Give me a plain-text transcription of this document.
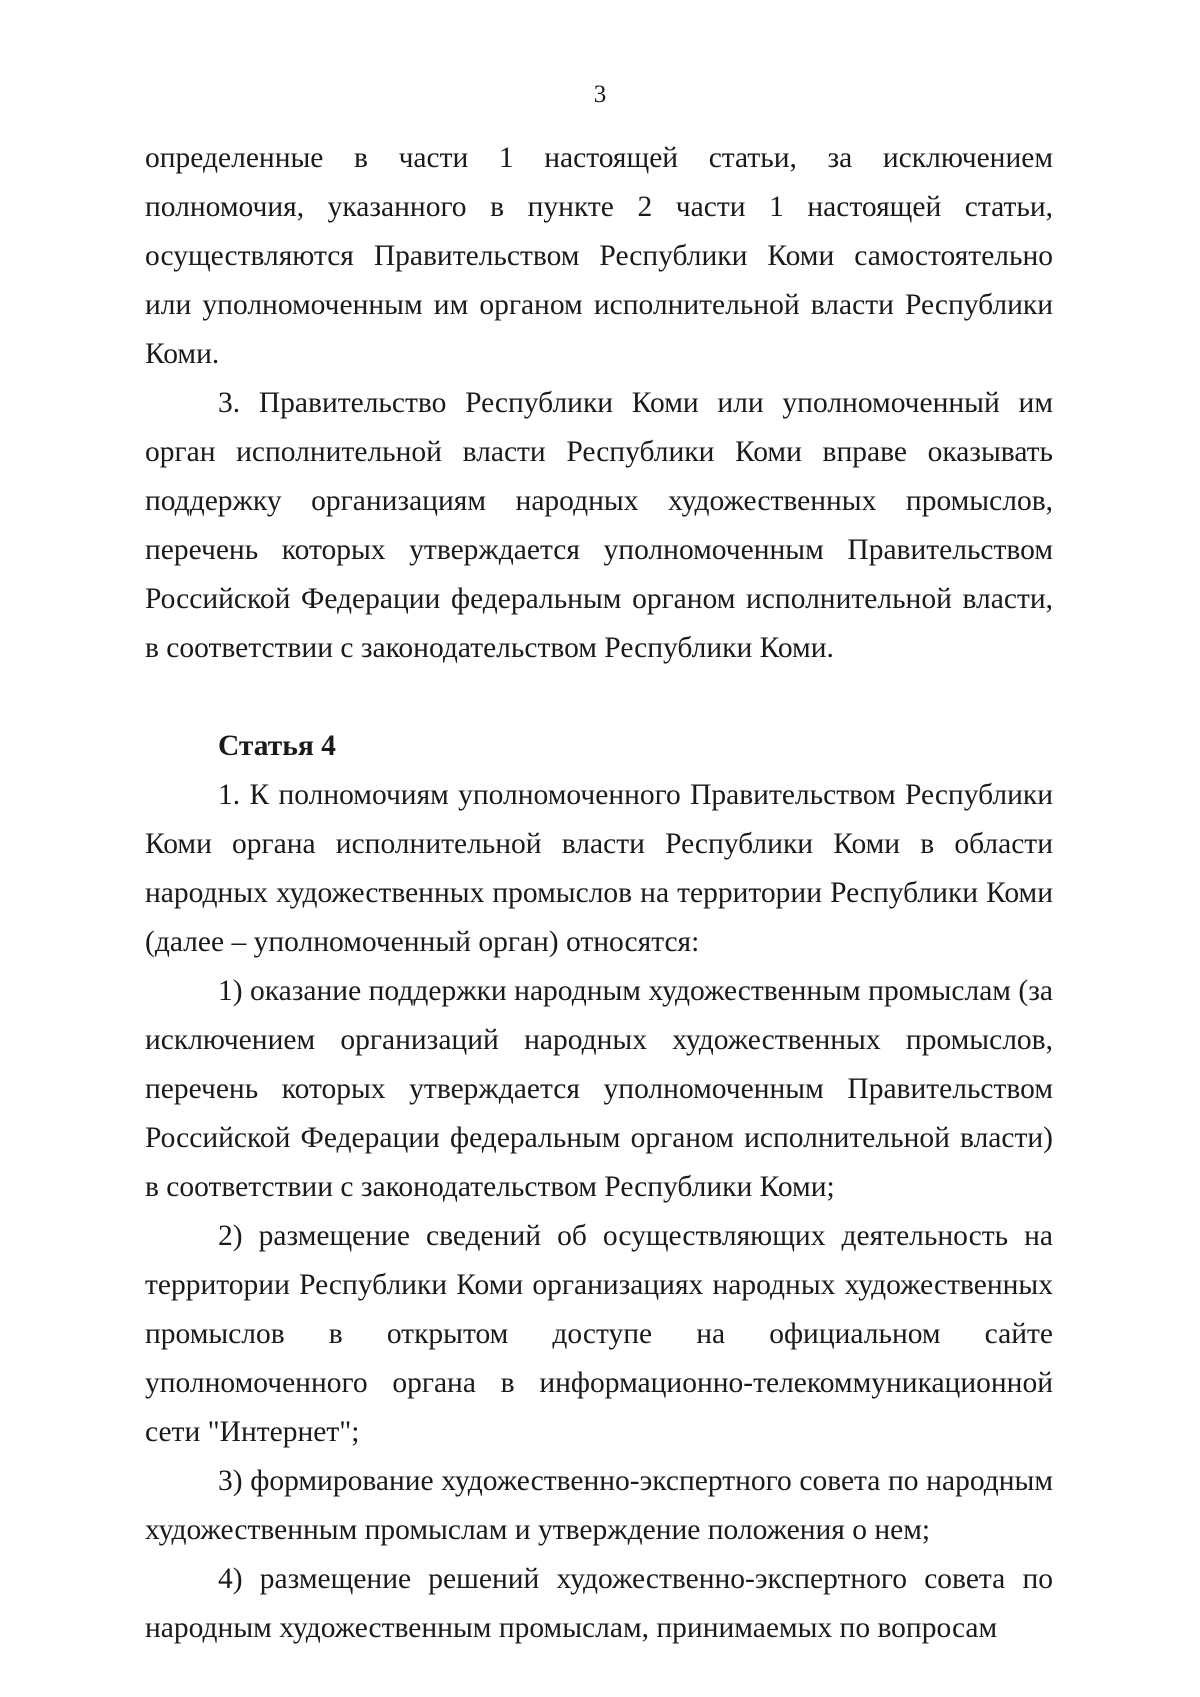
3

определенные в части 1 настоящей статьи, за исключением полномочия, указанного в пункте 2 части 1 настоящей статьи, осуществляются Правительством Республики Коми самостоятельно или уполномоченным им органом исполнительной власти Республики Коми.

3. Правительство Республики Коми или уполномоченный им орган исполнительной власти Республики Коми вправе оказывать поддержку организациям народных художественных промыслов, перечень которых утверждается уполномоченным Правительством Российской Федерации федеральным органом исполнительной власти, в соответствии с законодательством Республики Коми.

Статья 4

1. К полномочиям уполномоченного Правительством Республики Коми органа исполнительной власти Республики Коми в области народных художественных промыслов на территории Республики Коми (далее – уполномоченный орган) относятся:

1) оказание поддержки народным художественным промыслам (за исключением организаций народных художественных промыслов, перечень которых утверждается уполномоченным Правительством Российской Федерации федеральным органом исполнительной власти) в соответствии с законодательством Республики Коми;

2) размещение сведений об осуществляющих деятельность на территории Республики Коми организациях народных художественных промыслов в открытом доступе на официальном сайте уполномоченного органа в информационно-телекоммуникационной сети "Интернет";

3) формирование художественно-экспертного совета по народным художественным промыслам и утверждение положения о нем;

4) размещение решений художественно-экспертного совета по народным художественным промыслам, принимаемых по вопросам
